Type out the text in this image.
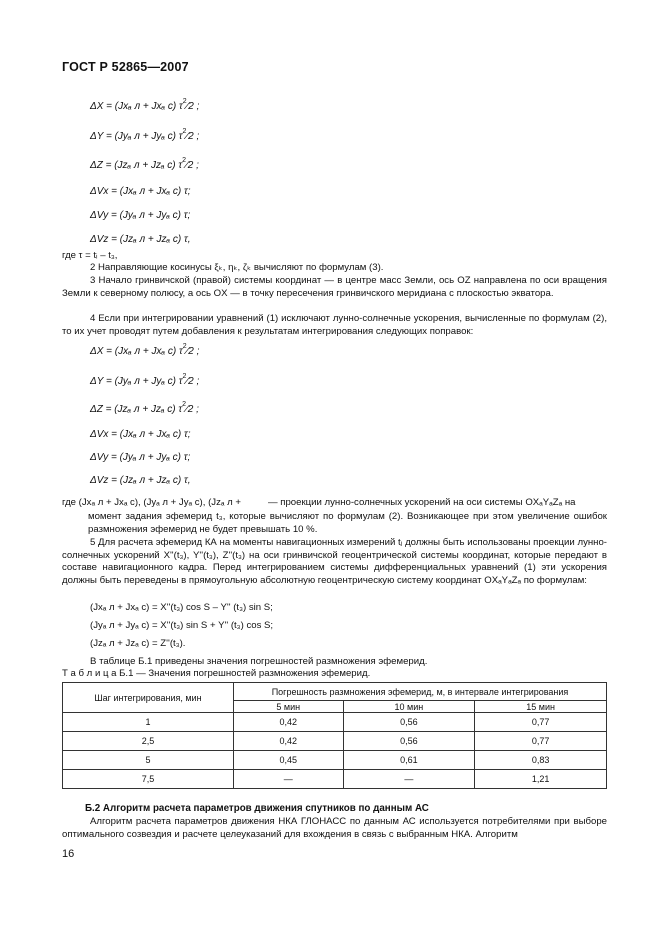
ГОСТ Р 52865—2007
ΔX = (Jxₐ л + Jxₐ c) $\tau^2⁄2$ ;
ΔY = (Jyₐ л + Jyₐ c) $\tau^2⁄2$ ;
ΔZ = (Jzₐ л + Jzₐ c) $\tau^2⁄2$ ;
ΔVx = (Jxₐ л + Jxₐ c) τ;
ΔVy = (Jyₐ л + Jyₐ c) τ;
ΔVz = (Jzₐ л + Jzₐ c) τ,
где τ = tᵢ – t₃,
2 Направляющие косинусы ξₖ, ηₖ, ζₖ вычисляют по формулам (3).
3 Начало гринвичской (правой) системы координат — в центре масс Земли, ось OZ направлена по оси вращения Земли к северному полюсу, а ось OX — в точку пересечения гринвичского меридиана с плоскостью экватора.
4 Если при интегрировании уравнений (1) исключают лунно-солнечные ускорения, вычисленные по формулам (2), то их учет проводят путем добавления к результатам интегрирования следующих поправок:
ΔX = (Jxₐ л + Jxₐ c) $\tau^2⁄2$ ;
ΔY = (Jyₐ л + Jyₐ c) $\tau^2⁄2$ ;
ΔZ = (Jzₐ л + Jzₐ c) $\tau^2⁄2$ ;
ΔVx = (Jxₐ л + Jxₐ c) τ;
ΔVy = (Jyₐ л + Jyₐ c) τ;
ΔVz = (Jzₐ л + Jzₐ c) τ,
где (Jxₐ л + Jxₐ c), (Jyₐ л + Jyₐ c), (Jzₐ л +	— проекции лунно-солнечных ускорений на оси системы OXₐYₐZₐ на
момент задания эфемерид t₃, которые вычисляют по формулам (2). Возникающее при этом увеличение ошибок размножения эфемерид не будет превышать 10 %.
5 Для расчета эфемерид КА на моменты навигационных измерений tⱼ должны быть использованы проекции лунно-солнечных ускорений X''(t₃), Y''(t₃), Z''(t₃) на оси гринвичской геоцентрической системы координат, которые передают в составе навигационного кадра. Перед интегрированием системы дифференциальных уравнений (1) эти ускорения должны быть переведены в прямоугольную абсолютную геоцентрическую систему координат OXₐYₐZₐ по формулам:
(Jxₐ л + Jxₐ c) = X''(t₃) cos S – Y'' (t₃) sin S;
(Jyₐ л + Jyₐ c) = X''(t₃) sin S + Y'' (t₃) cos S;
(Jzₐ л + Jzₐ c) = Z''(t₃).
В таблице Б.1 приведены значения погрешностей размножения эфемерид.
Т а б л и ц а Б.1 — Значения погрешностей размножения эфемерид.
Шаг интегрирования, мин	Погрешность размножения эфемерид, м, в интервале интегрирования		
	5 мин	10 мин	15 мин
1	0,42	0,56	0,77
2,5	0,42	0,56	0,77
5	0,45	0,61	0,83
7,5	—	—	1,21
Б.2 Алгоритм расчета параметров движения спутников по данным АС
Алгоритм расчета параметров движения НКА ГЛОНАСС по данным АС используется потребителями при выборе оптимального созвездия и расчете целеуказаний для вхождения в связь с выбранным НКА. Алгоритм
16
